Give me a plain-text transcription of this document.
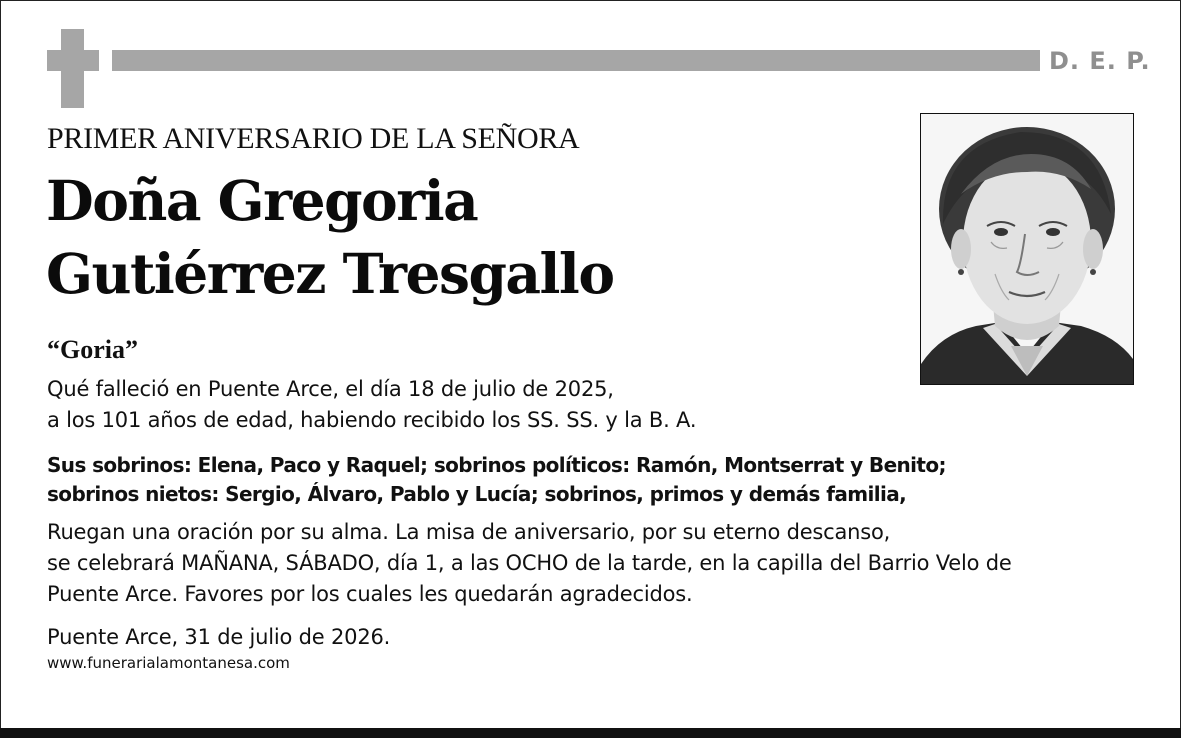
D. E. P.
PRIMER ANIVERSARIO DE LA SEÑORA
Doña Gregoria
Gutiérrez Tresgallo
“Goria”
Qué falleció en Puente Arce, el día 18 de julio de 2025,
a los 101 años de edad, habiendo recibido los SS. SS. y la B. A.
Sus sobrinos: Elena, Paco y Raquel; sobrinos políticos: Ramón, Montserrat y Benito;
sobrinos nietos: Sergio, Álvaro, Pablo y Lucía; sobrinos, primos y demás familia,
Ruegan una oración por su alma. La misa de aniversario, por su eterno descanso,
se celebrará MAÑANA, SÁBADO, día 1, a las OCHO de la tarde, en la capilla del Barrio Velo de
Puente Arce. Favores por los cuales les quedarán agradecidos.
Puente Arce, 31 de julio de 2026.
www.funerarialamontanesa.com
